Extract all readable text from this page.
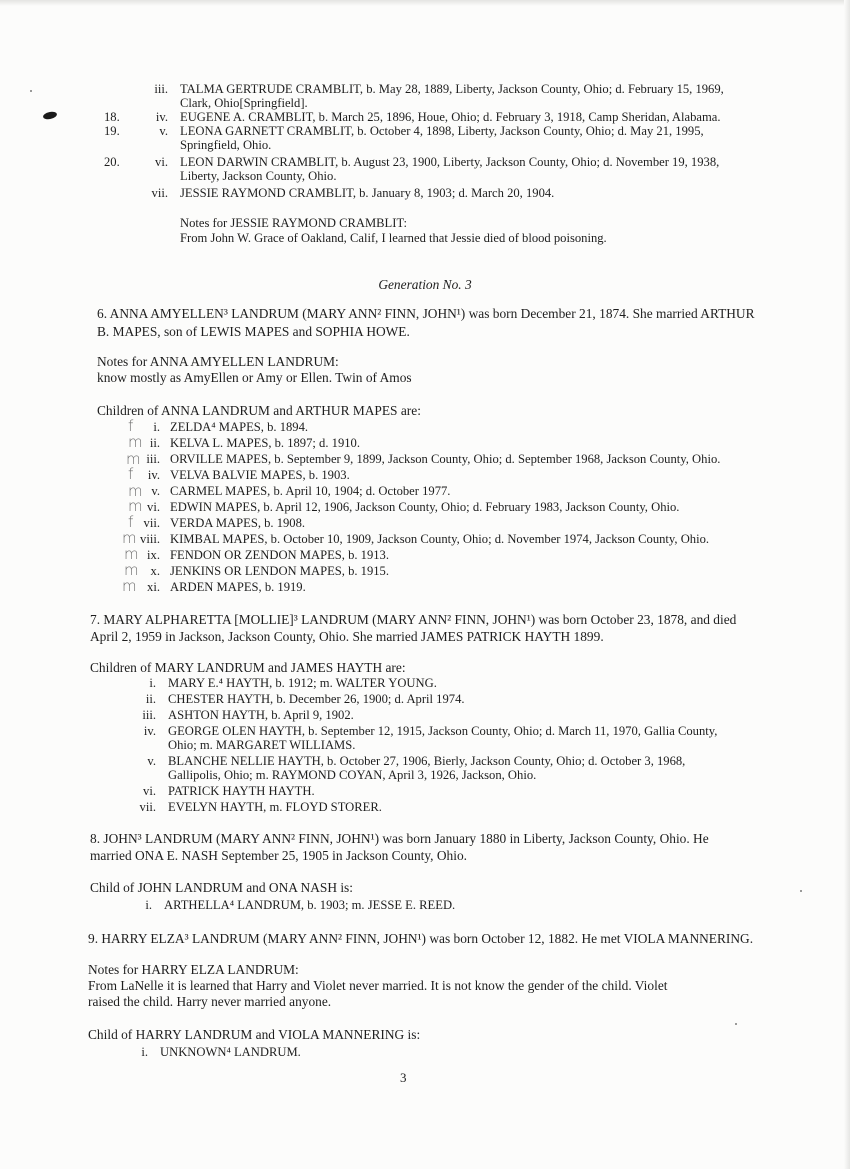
iii. TALMA GERTRUDE CRAMBLIT, b. May 28, 1889, Liberty, Jackson County, Ohio; d. February 15, 1969,
Clark, Ohio[Springfield].
18.	iv. EUGENE A. CRAMBLIT, b. March 25, 1896, Houe, Ohio; d. February 3, 1918, Camp Sheridan, Alabama.
19.	v. LEONA GARNETT CRAMBLIT, b. October 4, 1898, Liberty, Jackson County, Ohio; d. May 21, 1995,
Springfield, Ohio.
20.	vi. LEON DARWIN CRAMBLIT, b. August 23, 1900, Liberty, Jackson County, Ohio; d. November 19, 1938,
Liberty, Jackson County, Ohio.
vii. JESSIE RAYMOND CRAMBLIT, b. January 8, 1903; d. March 20, 1904.
Notes for JESSIE RAYMOND CRAMBLIT:
From John W. Grace of Oakland, Calif, I learned that Jessie died of blood poisoning.
Generation No. 3
6. ANNA AMYELLEN³ LANDRUM (MARY ANN² FINN, JOHN¹) was born December 21, 1874. She married ARTHUR
B. MAPES, son of LEWIS MAPES and SOPHIA HOWE.
Notes for ANNA AMYELLEN LANDRUM:
know mostly as AmyEllen or Amy or Ellen. Twin of Amos
Children of ANNA LANDRUM and ARTHUR MAPES are:
f	i. ZELDA⁴ MAPES, b. 1894.
m ii. KELVA L. MAPES, b. 1897; d. 1910.
m iii. ORVILLE MAPES, b. September 9, 1899, Jackson County, Ohio; d. September 1968, Jackson County, Ohio.
f	iv. VELVA BALVIE MAPES, b. 1903.
m v. CARMEL MAPES, b. April 10, 1904; d. October 1977.
m vi. EDWIN MAPES, b. April 12, 1906, Jackson County, Ohio; d. February 1983, Jackson County, Ohio.
f vii. VERDA MAPES, b. 1908.
m viii. KIMBAL MAPES, b. October 10, 1909, Jackson County, Ohio; d. November 1974, Jackson County, Ohio.
m ix. FENDON OR ZENDON MAPES, b. 1913.
m x. JENKINS OR LENDON MAPES, b. 1915.
m xi. ARDEN MAPES, b. 1919.
7. MARY ALPHARETTA [MOLLIE]³ LANDRUM (MARY ANN² FINN, JOHN¹) was born October 23, 1878, and died
April 2, 1959 in Jackson, Jackson County, Ohio. She married JAMES PATRICK HAYTH 1899.
Children of MARY LANDRUM and JAMES HAYTH are:
i. MARY E.⁴ HAYTH, b. 1912; m. WALTER YOUNG.
ii. CHESTER HAYTH, b. December 26, 1900; d. April 1974.
iii. ASHTON HAYTH, b. April 9, 1902.
iv. GEORGE OLEN HAYTH, b. September 12, 1915, Jackson County, Ohio; d. March 11, 1970, Gallia County,
Ohio; m. MARGARET WILLIAMS.
v. BLANCHE NELLIE HAYTH, b. October 27, 1906, Bierly, Jackson County, Ohio; d. October 3, 1968,
Gallipolis, Ohio; m. RAYMOND COYAN, April 3, 1926, Jackson, Ohio.
vi. PATRICK HAYTH HAYTH.
vii. EVELYN HAYTH, m. FLOYD STORER.
8. JOHN³ LANDRUM (MARY ANN² FINN, JOHN¹) was born January 1880 in Liberty, Jackson County, Ohio. He
married ONA E. NASH September 25, 1905 in Jackson County, Ohio.
Child of JOHN LANDRUM and ONA NASH is:
i. ARTHELLA⁴ LANDRUM, b. 1903; m. JESSE E. REED.
9. HARRY ELZA³ LANDRUM (MARY ANN² FINN, JOHN¹) was born October 12, 1882. He met VIOLA MANNERING.
Notes for HARRY ELZA LANDRUM:
From LaNelle it is learned that Harry and Violet never married. It is not know the gender of the child. Violet
raised the child. Harry never married anyone.
Child of HARRY LANDRUM and VIOLA MANNERING is:
i. UNKNOWN⁴ LANDRUM.
3
